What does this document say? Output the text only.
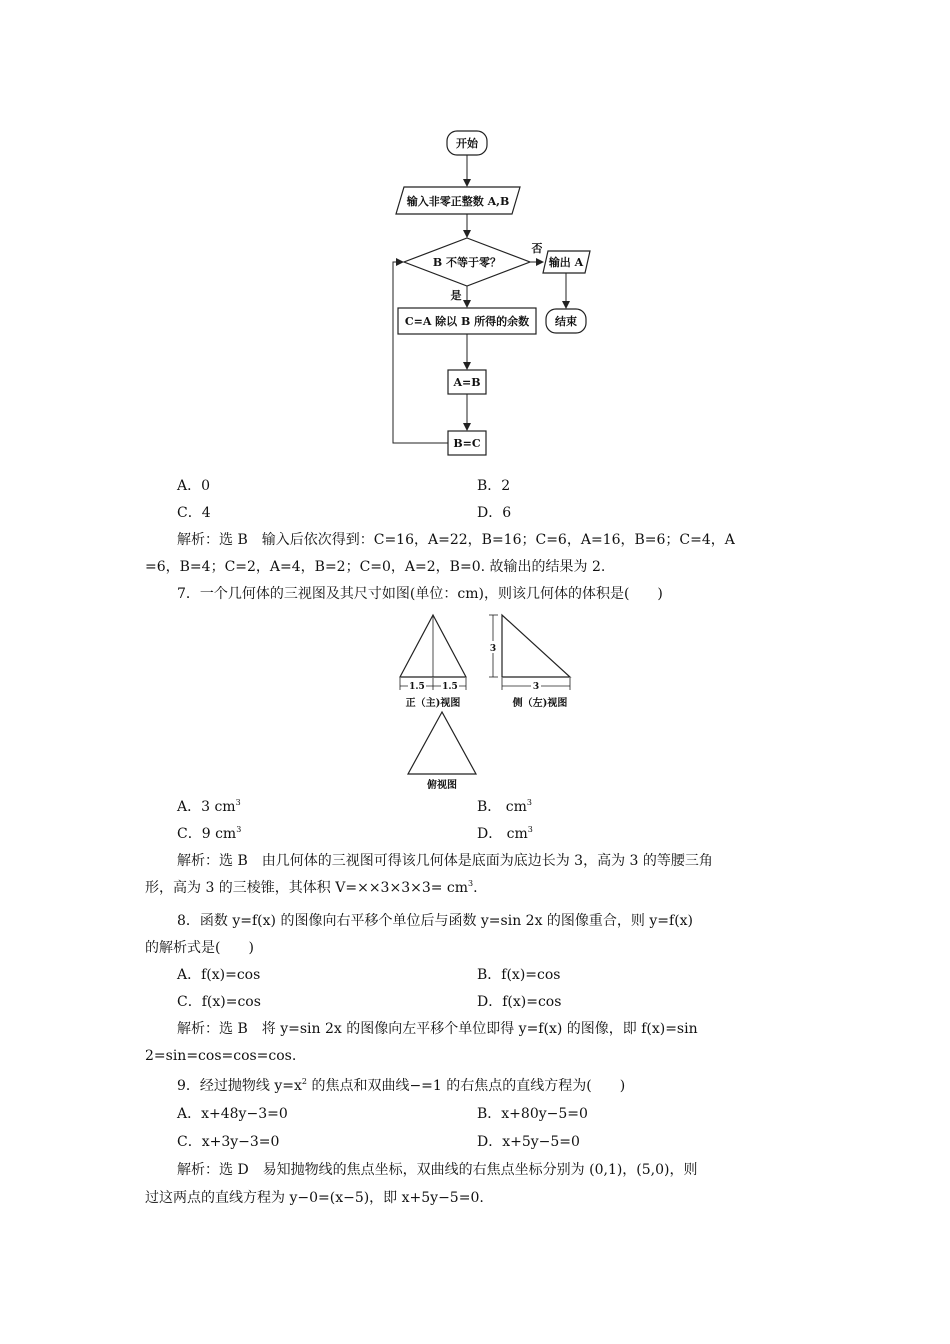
开始
输入非零正整数 A,B
B 不等于零？
否
输出 A
结束
是
C=A 除以 B 所得的余数
A=B
B=C
A．0	B．2
C．4	D．6
解析：选 B　输入后依次得到：C=16，A=22，B=16；C=6，A=16，B=6；C=4，A
=6，B=4；C=2，A=4，B=2；C=0，A=2，B=0. 故输出的结果为 2.
7．一个几何体的三视图及其尺寸如图(单位：cm)，则该几何体的体积是(　　)
1.5 1.5
正（主)视图
3
3
侧（左)视图
俯视图
A．3 $cm^3$	B． $cm^3$
C．9 $cm^3$	D． $cm^3$
解析：选 B　由几何体的三视图可得该几何体是底面为底边长为 3，高为 3 的等腰三角
形，高为 3 的三棱锥，其体积 $V=\times\times 3\times 3\times 3= cm^3$.
8．函数 y=f(x) 的图像向右平移个单位后与函数 y=sin 2x 的图像重合，则 y=f(x)
的解析式是(　　)
A．f(x)=cos	B．f(x)=cos
C．f(x)=cos	D．f(x)=cos
解析：选 B　将 y=sin 2x 的图像向左平移个单位即得 y=f(x) 的图像，即 f(x)=sin
2=sin=cos=cos=cos.
9．经过抛物线 $y=x^2$ 的焦点和双曲线−=1 的右焦点的直线方程为(　　)
A．x+48y−3=0	B．x+80y−5=0
C．x+3y−3=0	D．x+5y−5=0
解析：选 D　易知抛物线的焦点坐标，双曲线的右焦点坐标分别为 (0,1)，(5,0)，则
过这两点的直线方程为 y−0=(x−5)，即 x+5y−5=0.
